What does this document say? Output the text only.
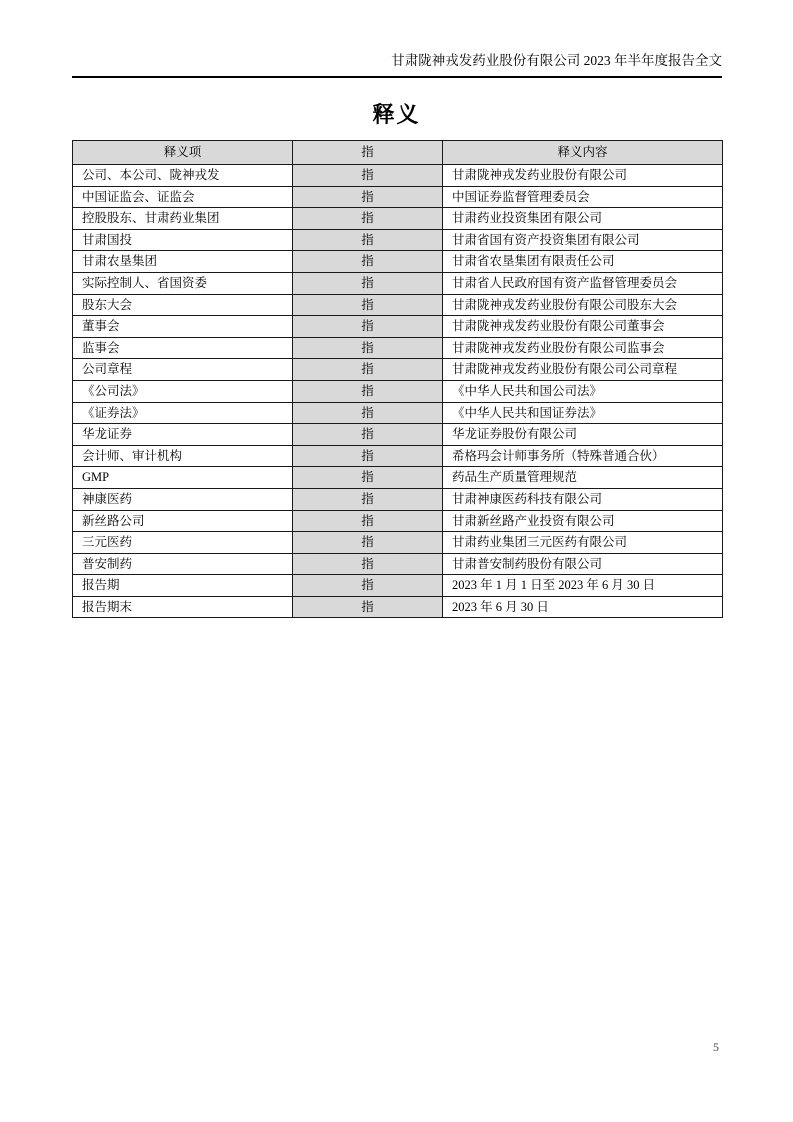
甘肃陇神戎发药业股份有限公司 2023 年半年度报告全文
释义
释义项	指	释义内容
公司、本公司、陇神戎发	指	甘肃陇神戎发药业股份有限公司
中国证监会、证监会	指	中国证券监督管理委员会
控股股东、甘肃药业集团	指	甘肃药业投资集团有限公司
甘肃国投	指	甘肃省国有资产投资集团有限公司
甘肃农垦集团	指	甘肃省农垦集团有限责任公司
实际控制人、省国资委	指	甘肃省人民政府国有资产监督管理委员会
股东大会	指	甘肃陇神戎发药业股份有限公司股东大会
董事会	指	甘肃陇神戎发药业股份有限公司董事会
监事会	指	甘肃陇神戎发药业股份有限公司监事会
公司章程	指	甘肃陇神戎发药业股份有限公司公司章程
《公司法》	指	《中华人民共和国公司法》
《证券法》	指	《中华人民共和国证券法》
华龙证券	指	华龙证券股份有限公司
会计师、审计机构	指	希格玛会计师事务所（特殊普通合伙）
GMP	指	药品生产质量管理规范
神康医药	指	甘肃神康医药科技有限公司
新丝路公司	指	甘肃新丝路产业投资有限公司
三元医药	指	甘肃药业集团三元医药有限公司
普安制药	指	甘肃普安制药股份有限公司
报告期	指	2023 年 1 月 1 日至 2023 年 6 月 30 日
报告期末	指	2023 年 6 月 30 日
5
